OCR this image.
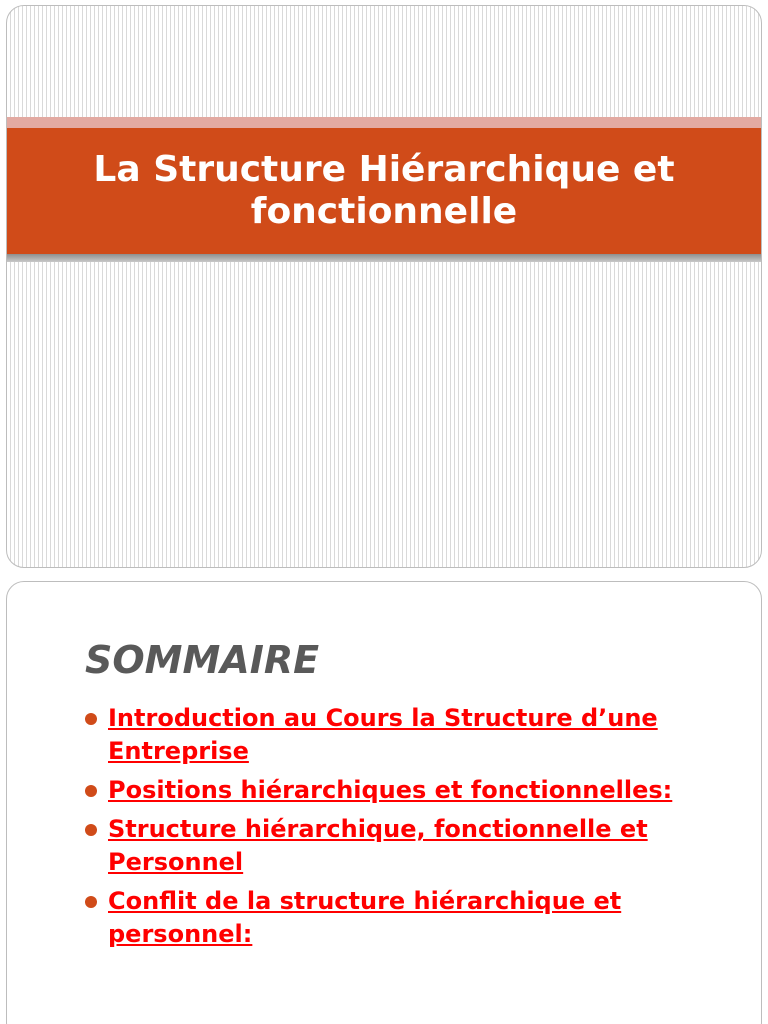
La Structure Hiérarchique et fonctionnelle
SOMMAIRE
Introduction au Cours la Structure d’une Entreprise
Positions hiérarchiques et fonctionnelles:
Structure hiérarchique, fonctionnelle et Personnel
Conflit de la structure hiérarchique et personnel:
